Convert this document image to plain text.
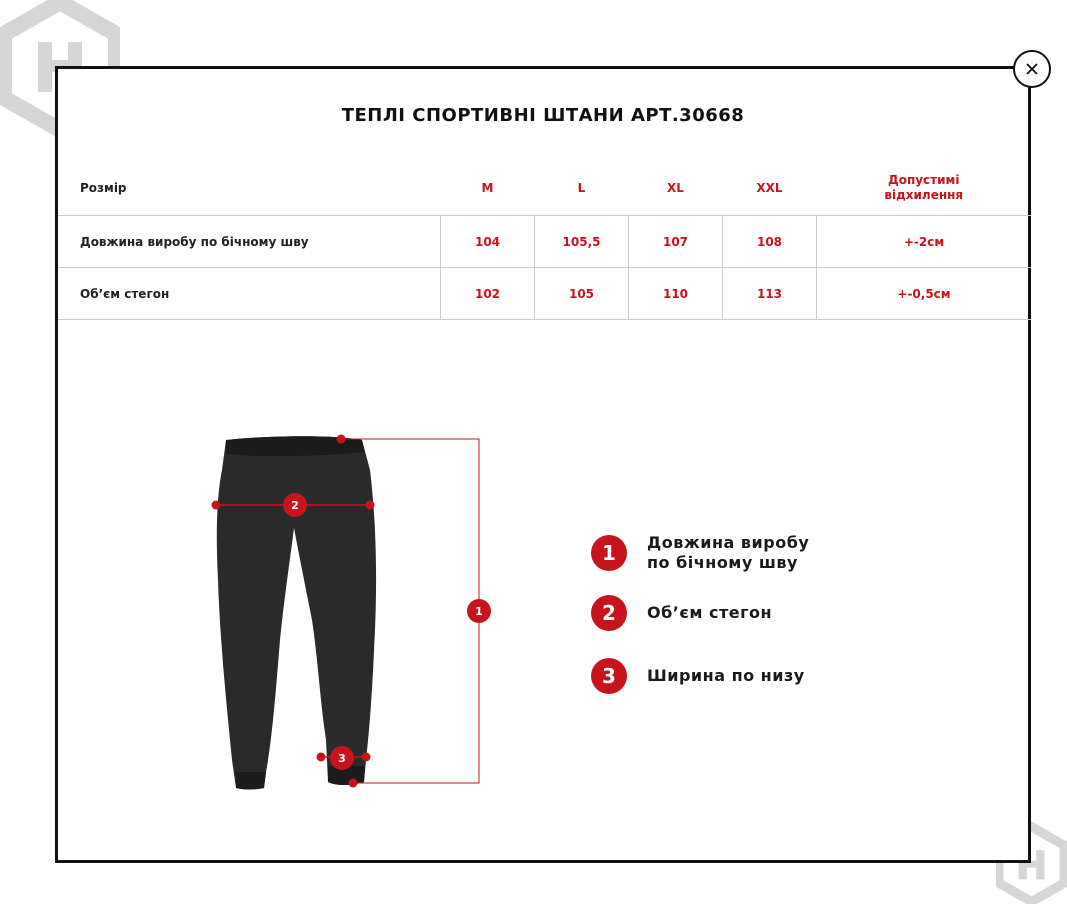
ТЕПЛІ СПОРТИВНІ ШТАНИ АРТ.30668
Розмір	M	L	XL	XXL	Допустимі відхилення
Довжина виробу по бічному шву	104	105,5	107	108	+-2см
Об’єм стегон	102	105	110	113	+-0,5см
1
2
3
1	Довжина виробу
по бічному шву
2	Об’єм стегон
3	Ширина по низу
